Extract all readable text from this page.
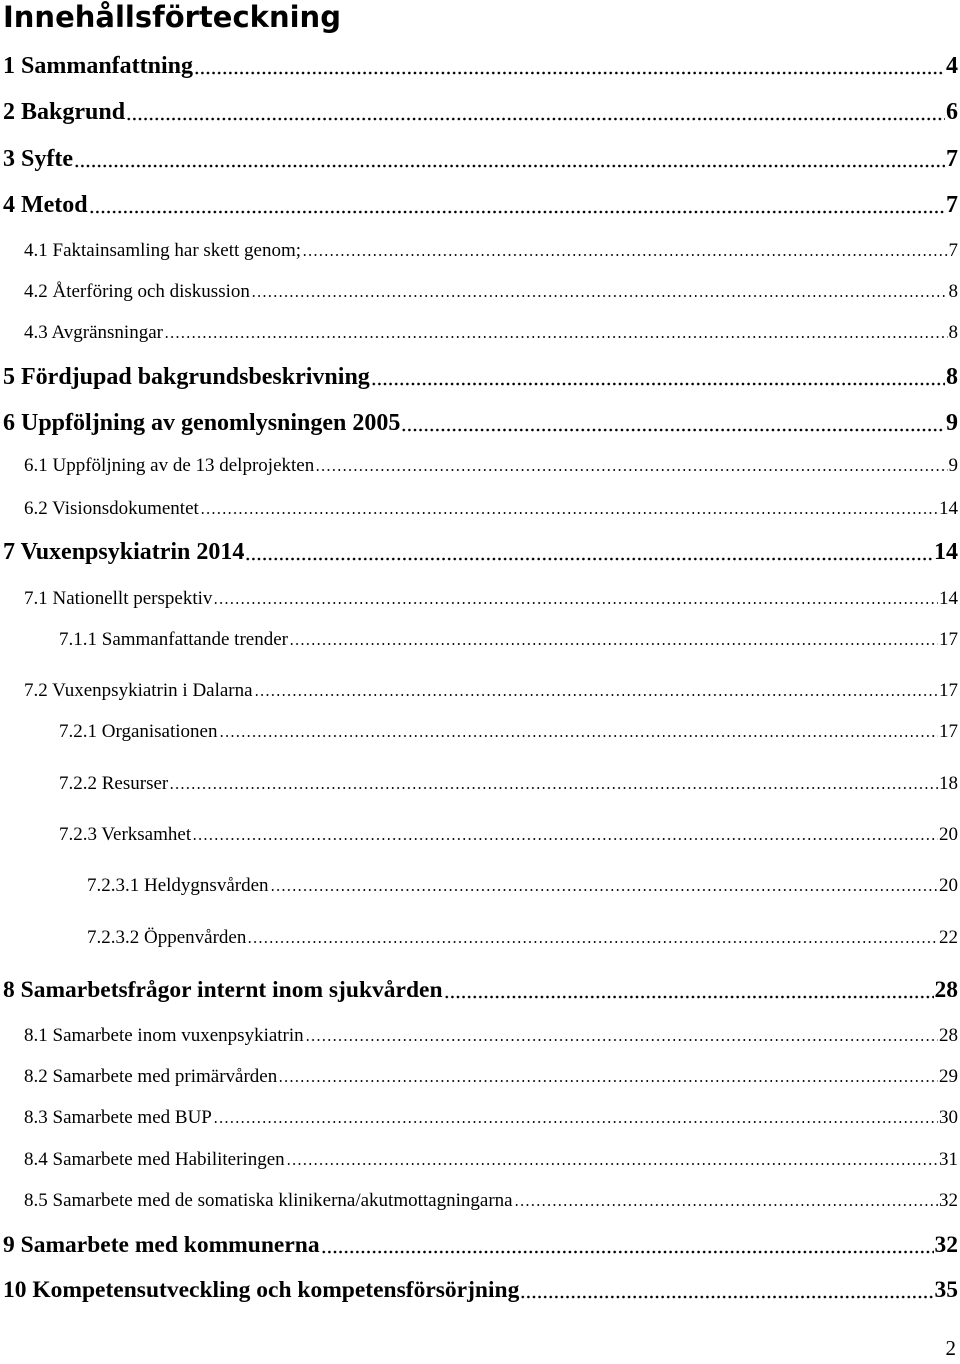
Innehållsförteckning
1 Sammanfattning	4
2 Bakgrund	6
3 Syfte	7
4 Metod	7
4.1 Faktainsamling har skett genom;	7
4.2 Återföring och diskussion	8
4.3 Avgränsningar	8
5 Fördjupad bakgrundsbeskrivning	8
6 Uppföljning av genomlysningen 2005	9
6.1 Uppföljning av de 13 delprojekten	9
6.2 Visionsdokumentet	14
7 Vuxenpsykiatrin 2014	14
7.1 Nationellt perspektiv	14
7.1.1 Sammanfattande trender	17
7.2 Vuxenpsykiatrin i Dalarna	17
7.2.1 Organisationen	17
7.2.2 Resurser	18
7.2.3 Verksamhet	20
7.2.3.1 Heldygnsvården	20
7.2.3.2 Öppenvården	22
8 Samarbetsfrågor internt inom sjukvården	28
8.1 Samarbete inom vuxenpsykiatrin	28
8.2 Samarbete med primärvården	29
8.3 Samarbete med BUP	30
8.4 Samarbete med Habiliteringen	31
8.5 Samarbete med de somatiska klinikerna/akutmottagningarna	32
9 Samarbete med kommunerna	32
10 Kompetensutveckling och kompetensförsörjning	35
2
